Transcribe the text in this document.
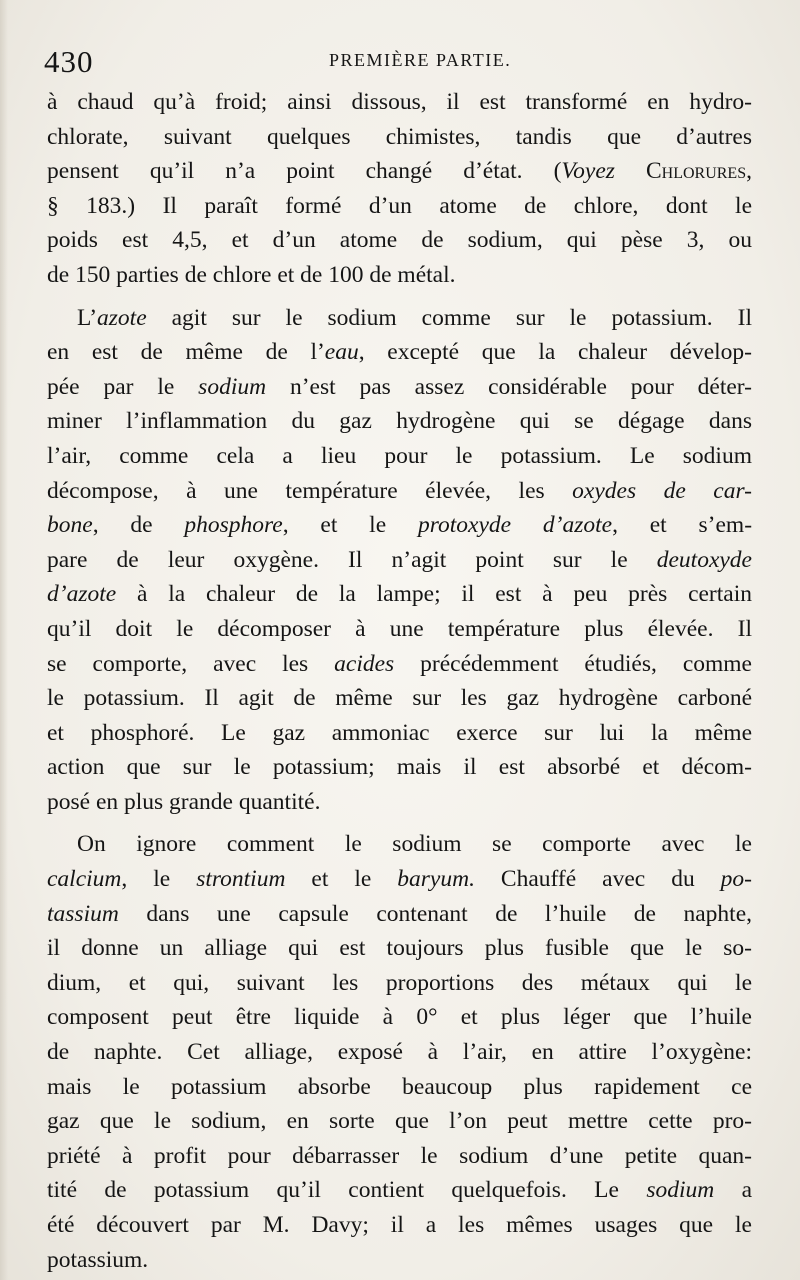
430	PREMIÈRE PARTIE.
à chaud qu’à froid; ainsi dissous, il est transformé en hydro-
chlorate, suivant quelques chimistes, tandis que d’autres
pensent qu’il n’a point changé d’état. (Voyez Chlorures,
§ 183.) Il paraît formé d’un atome de chlore, dont le
poids est 4,5, et d’un atome de sodium, qui pèse 3, ou
de 150 parties de chlore et de 100 de métal.
L’azote agit sur le sodium comme sur le potassium. Il
en est de même de l’eau, excepté que la chaleur dévelop-
pée par le sodium n’est pas assez considérable pour déter-
miner l’inflammation du gaz hydrogène qui se dégage dans
l’air, comme cela a lieu pour le potassium. Le sodium
décompose, à une température élevée, les oxydes de car-
bone, de phosphore, et le protoxyde d’azote, et s’em-
pare de leur oxygène. Il n’agit point sur le deutoxyde
d’azote à la chaleur de la lampe; il est à peu près certain
qu’il doit le décomposer à une température plus élevée. Il
se comporte, avec les acides précédemment étudiés, comme
le potassium. Il agit de même sur les gaz hydrogène carboné
et phosphoré. Le gaz ammoniac exerce sur lui la même
action que sur le potassium; mais il est absorbé et décom-
posé en plus grande quantité.
On ignore comment le sodium se comporte avec le
calcium, le strontium et le baryum. Chauffé avec du po-
tassium dans une capsule contenant de l’huile de naphte,
il donne un alliage qui est toujours plus fusible que le so-
dium, et qui, suivant les proportions des métaux qui le
composent peut être liquide à 0° et plus léger que l’huile
de naphte. Cet alliage, exposé à l’air, en attire l’oxygène:
mais le potassium absorbe beaucoup plus rapidement ce
gaz que le sodium, en sorte que l’on peut mettre cette pro-
priété à profit pour débarrasser le sodium d’une petite quan-
tité de potassium qu’il contient quelquefois. Le sodium a
été découvert par M. Davy; il a les mêmes usages que le
potassium.
